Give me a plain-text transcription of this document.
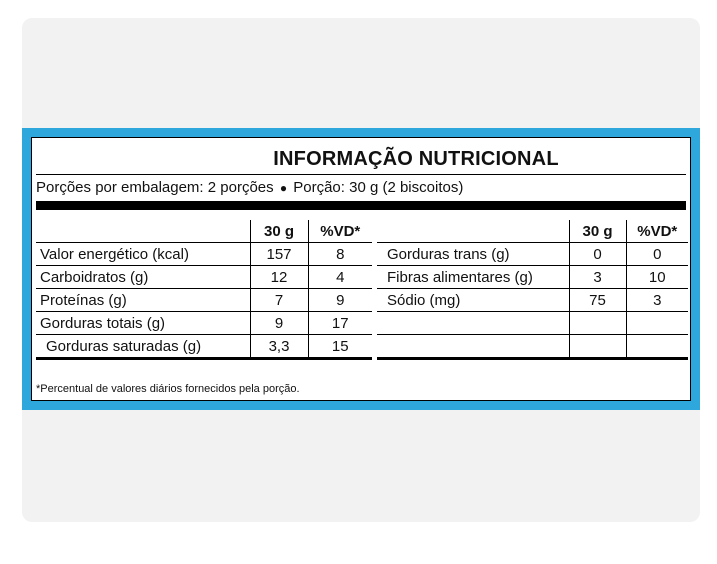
INFORMAÇÃO NUTRICIONAL
Porções por embalagem: 2 porções ● Porção: 30 g (2 biscoitos)
	30 g	%VD*
Valor energético (kcal)	157	8
Carboidratos (g)	12	4
Proteínas (g)	7	9
Gorduras totais (g)	9	17
Gorduras saturadas (g)	3,3	15
	30 g	%VD*
Gorduras trans (g)	0	0
Fibras alimentares (g)	3	10
Sódio (mg)	75	3

*Percentual de valores diários fornecidos pela porção.
